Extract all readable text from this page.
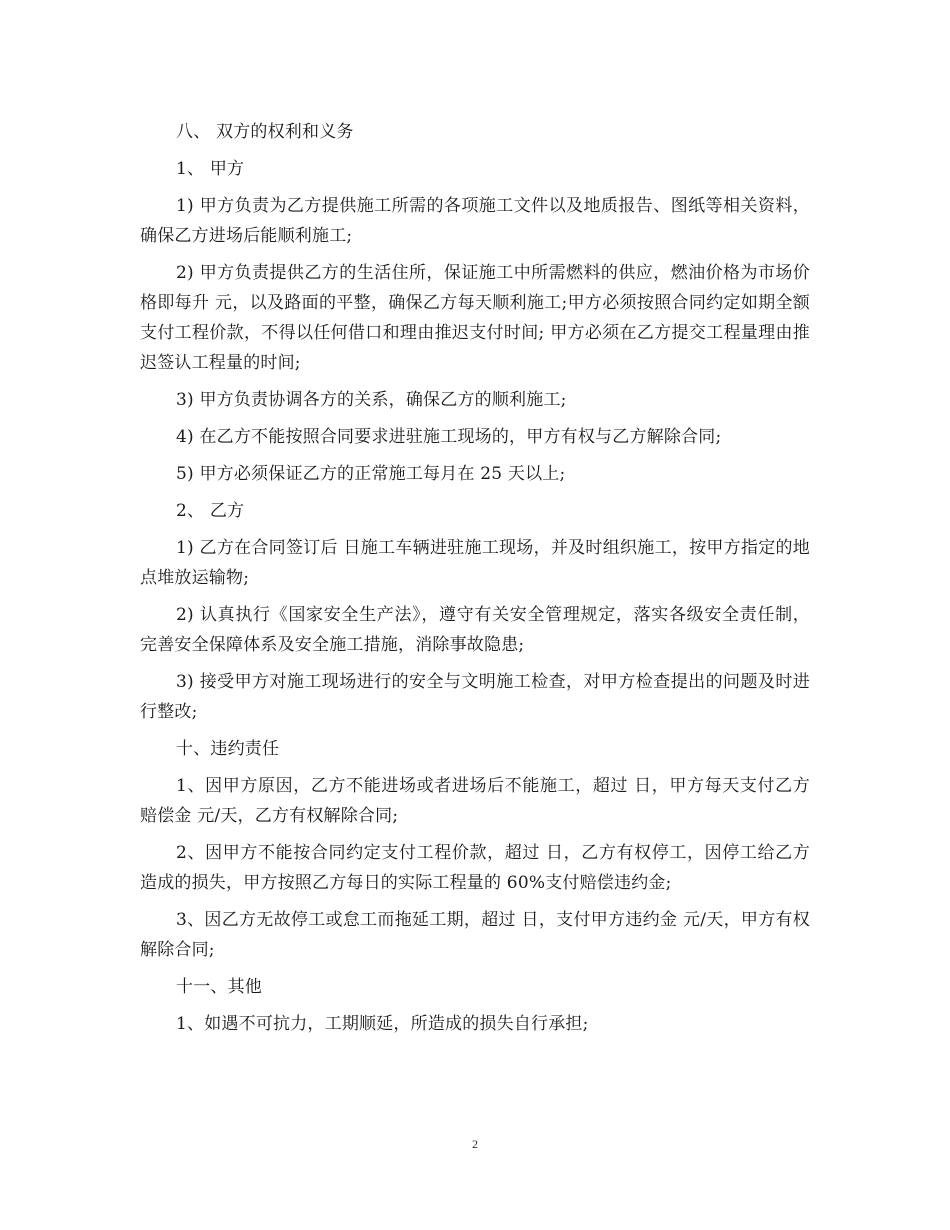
八、 双方的权利和义务

1、 甲方

1) 甲方负责为乙方提供施工所需的各项施工文件以及地质报告、图纸等相关资料，确保乙方进场后能顺利施工;

2) 甲方负责提供乙方的生活住所，保证施工中所需燃料的供应，燃油价格为市场价格即每升 元，以及路面的平整，确保乙方每天顺利施工;甲方必须按照合同约定如期全额支付工程价款，不得以任何借口和理由推迟支付时间; 甲方必须在乙方提交工程量理由推迟签认工程量的时间;

3) 甲方负责协调各方的关系，确保乙方的顺利施工;

4) 在乙方不能按照合同要求进驻施工现场的，甲方有权与乙方解除合同;

5) 甲方必须保证乙方的正常施工每月在 25 天以上;

2、 乙方

1) 乙方在合同签订后 日施工车辆进驻施工现场，并及时组织施工，按甲方指定的地点堆放运输物;

2) 认真执行《国家安全生产法》，遵守有关安全管理规定，落实各级安全责任制，完善安全保障体系及安全施工措施，消除事故隐患;

3) 接受甲方对施工现场进行的安全与文明施工检查，对甲方检查提出的问题及时进行整改;

十、违约责任

1、因甲方原因，乙方不能进场或者进场后不能施工，超过 日，甲方每天支付乙方赔偿金 元/天，乙方有权解除合同;

2、因甲方不能按合同约定支付工程价款，超过 日，乙方有权停工，因停工给乙方造成的损失，甲方按照乙方每日的实际工程量的 60%支付赔偿违约金;

3、因乙方无故停工或怠工而拖延工期，超过 日，支付甲方违约金 元/天，甲方有权解除合同;

十一、其他

1、如遇不可抗力，工期顺延，所造成的损失自行承担;

2
